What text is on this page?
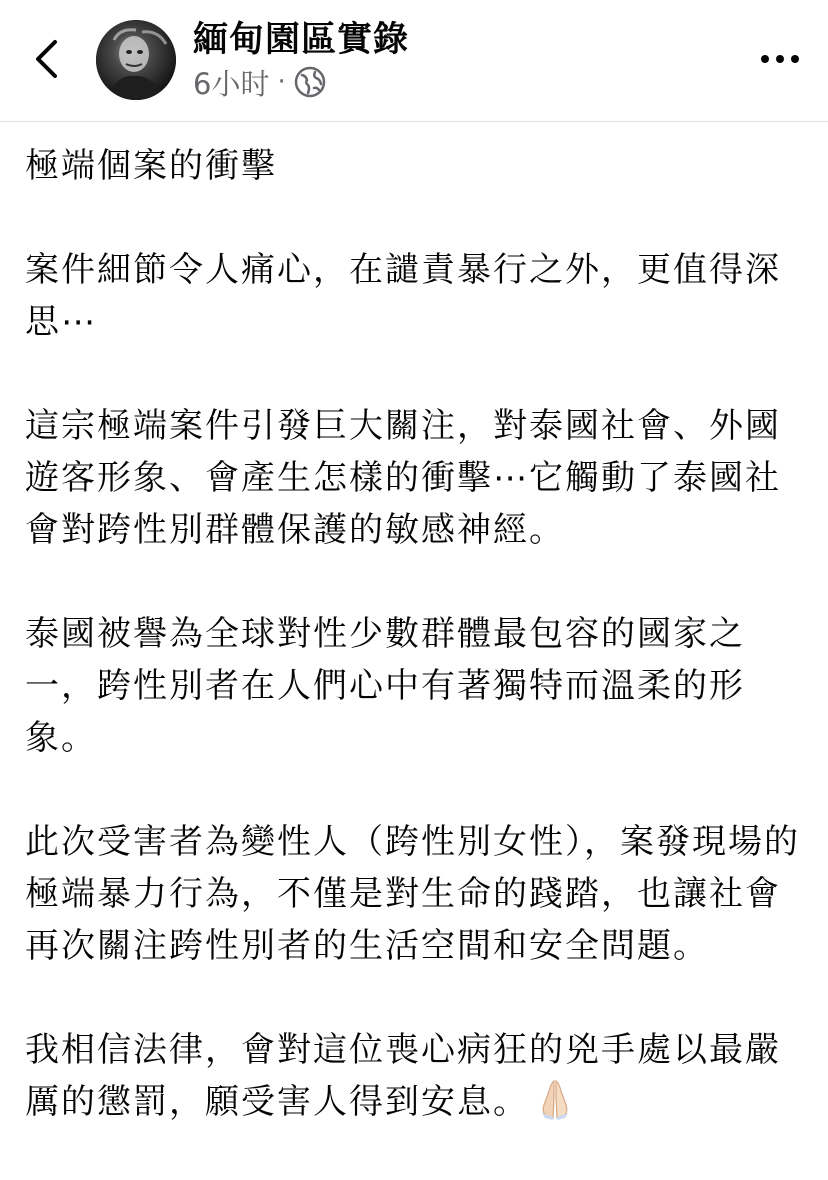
緬甸園區實錄
6小时 ·

極端個案的衝擊

案件細節令人痛心，在譴責暴行之外，更值得深思⋯

這宗極端案件引發巨大關注，對泰國社會、外國遊客形象、會產生怎樣的衝擊⋯它觸動了泰國社會對跨性別群體保護的敏感神經。

泰國被譽為全球對性少數群體最包容的國家之一，跨性別者在人們心中有著獨特而溫柔的形象。

此次受害者為變性人（跨性別女性），案發現場的極端暴力行為，不僅是對生命的踐踏，也讓社會再次關注跨性別者的生活空間和安全問題。

我相信法律，會對這位喪心病狂的兇手處以最嚴厲的懲罰，願受害人得到安息。
